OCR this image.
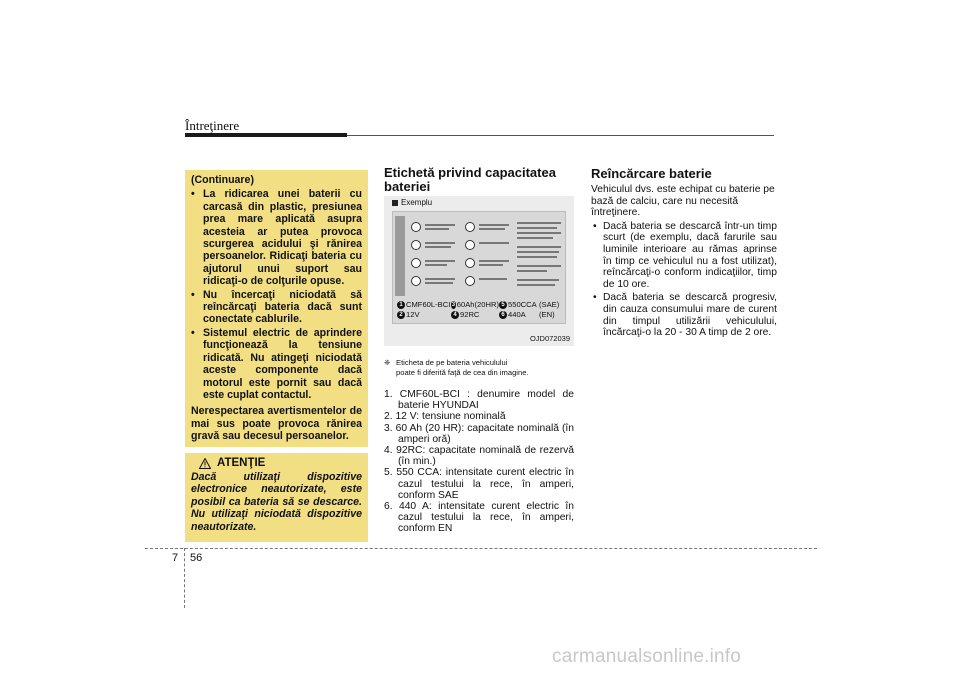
Întreţinere
(Continuare)
• La ridicarea unei baterii cu carcasă din plastic, presiunea prea mare aplicată asupra acesteia ar putea provoca scurgerea acidului şi rănirea persoanelor. Ridicaţi bateria cu ajutorul unui suport sau ridicaţi-o de colţurile opuse.
• Nu încercaţi niciodată să reîncărcaţi bateria dacă sunt conectate cablurile.
• Sistemul electric de aprindere funcţionează la tensiune ridicată. Nu atingeţi niciodată aceste componente dacă motorul este pornit sau dacă este cuplat contactul.
Nerespectarea avertismentelor de mai sus poate provoca rănirea gravă sau decesul persoanelor.
ATENŢIE
Dacă utilizaţi dispozitive electronice neautorizate, este posibil ca bateria să se descarce. Nu utilizaţi niciodată dispozitive neautorizate.
Etichetă privind capacitatea bateriei
Exemplu
1 CMF60L-BCI 3 60Ah(20HR) 5 550CCA (SAE)
2 12V	4 92RC	6 440A (EN)
OJD072039
❈ Eticheta de pe bateria vehiculului
poate fi diferită faţă de cea din imagine.
1. CMF60L-BCI : denumire model de baterie HYUNDAI
2. 12 V: tensiune nominală
3. 60 Ah (20 HR): capacitate nominală (în amperi oră)
4. 92RC: capacitate nominală de rezervă (în min.)
5. 550 CCA: intensitate curent electric în cazul testului la rece, în amperi, conform SAE
6. 440 A: intensitate curent electric în cazul testului la rece, în amperi, conform EN
Reîncărcare baterie

Vehiculul dvs. este echipat cu baterie pe bază de calciu, care nu necesită întreţinere.

• Dacă bateria se descarcă într-un timp scurt (de exemplu, dacă farurile sau luminile interioare au rămas aprinse în timp ce vehiculul nu a fost utilizat), reîncărcaţi-o conform indicaţiilor, timp de 10 ore.
• Dacă bateria se descarcă progresiv, din cauza consumului mare de curent din timpul utilizării vehiculului, încărcaţi-o la 20 - 30 A timp de 2 ore.
7 56
carmanualsonline.info
